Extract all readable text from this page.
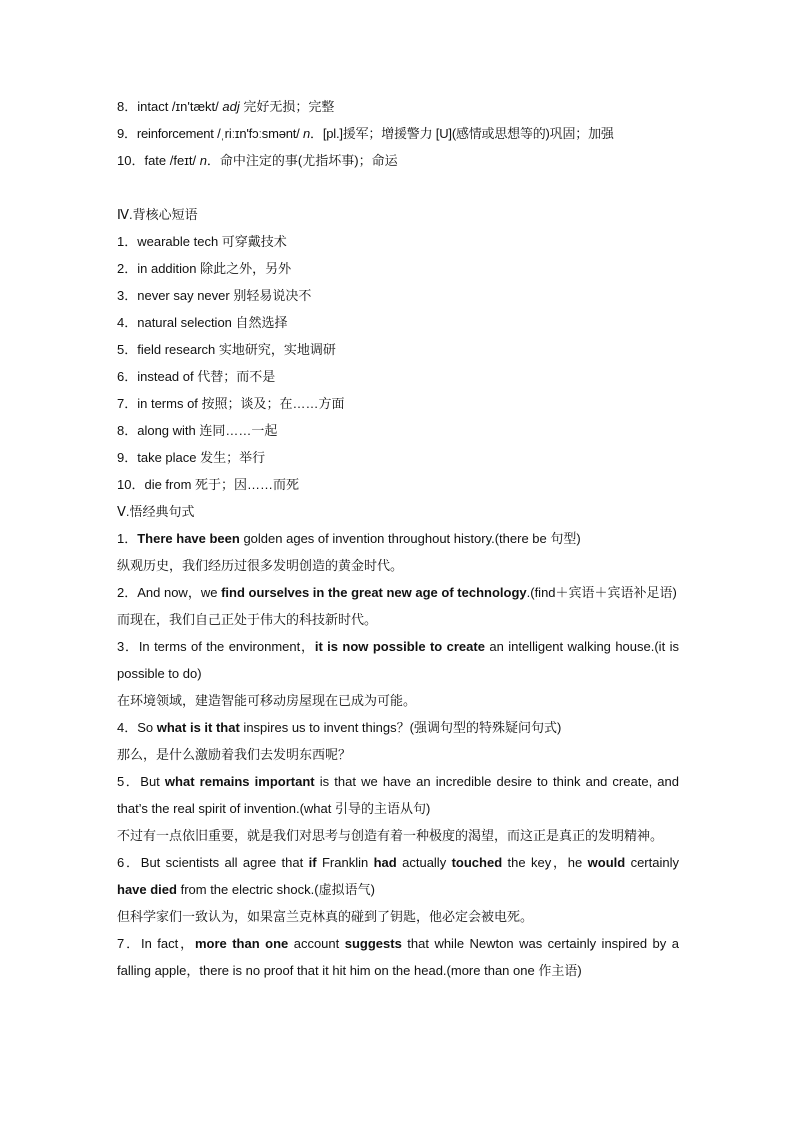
8．intact /ɪn'tækt/ adj 完好无损；完整
9．reinforcement /ˌriːɪn'fɔːsmənt/ n．[pl.]援军；增援警力 [U](感情或思想等的)巩固；加强
10．fate /feɪt/ n．命中注定的事(尤指坏事)；命运
Ⅳ.背核心短语
1．wearable tech 可穿戴技术
2．in addition 除此之外，另外
3．never say never 别轻易说决不
4．natural selection 自然选择
5．field research 实地研究，实地调研
6．instead of 代替；而不是
7．in terms of 按照；谈及；在……方面
8．along with 连同……一起
9．take place 发生；举行
10．die from 死于；因……而死
Ⅴ.悟经典句式
1．There have been golden ages of invention throughout history.(there be 句型)
纵观历史，我们经历过很多发明创造的黄金时代。
2．And now，we find ourselves in the great new age of technology.(find＋宾语＋宾语补足语)
而现在，我们自己正处于伟大的科技新时代。
3．In terms of the environment，it is now possible to create an intelligent walking house.(it is possible to do)
在环境领域，建造智能可移动房屋现在已成为可能。
4．So what is it that inspires us to invent things？(强调句型的特殊疑问句式)
那么，是什么激励着我们去发明东西呢？
5．But what remains important is that we have an incredible desire to think and create, and that’s the real spirit of invention.(what 引导的主语从句)
不过有一点依旧重要，就是我们对思考与创造有着一种极度的渴望，而这正是真正的发明精神。
6．But scientists all agree that if Franklin had actually touched the key，he would certainly have died from the electric shock.(虚拟语气)
但科学家们一致认为，如果富兰克林真的碰到了钥匙，他必定会被电死。
7．In fact，more than one account suggests that while Newton was certainly inspired by a falling apple，there is no proof that it hit him on the head.(more than one 作主语)
